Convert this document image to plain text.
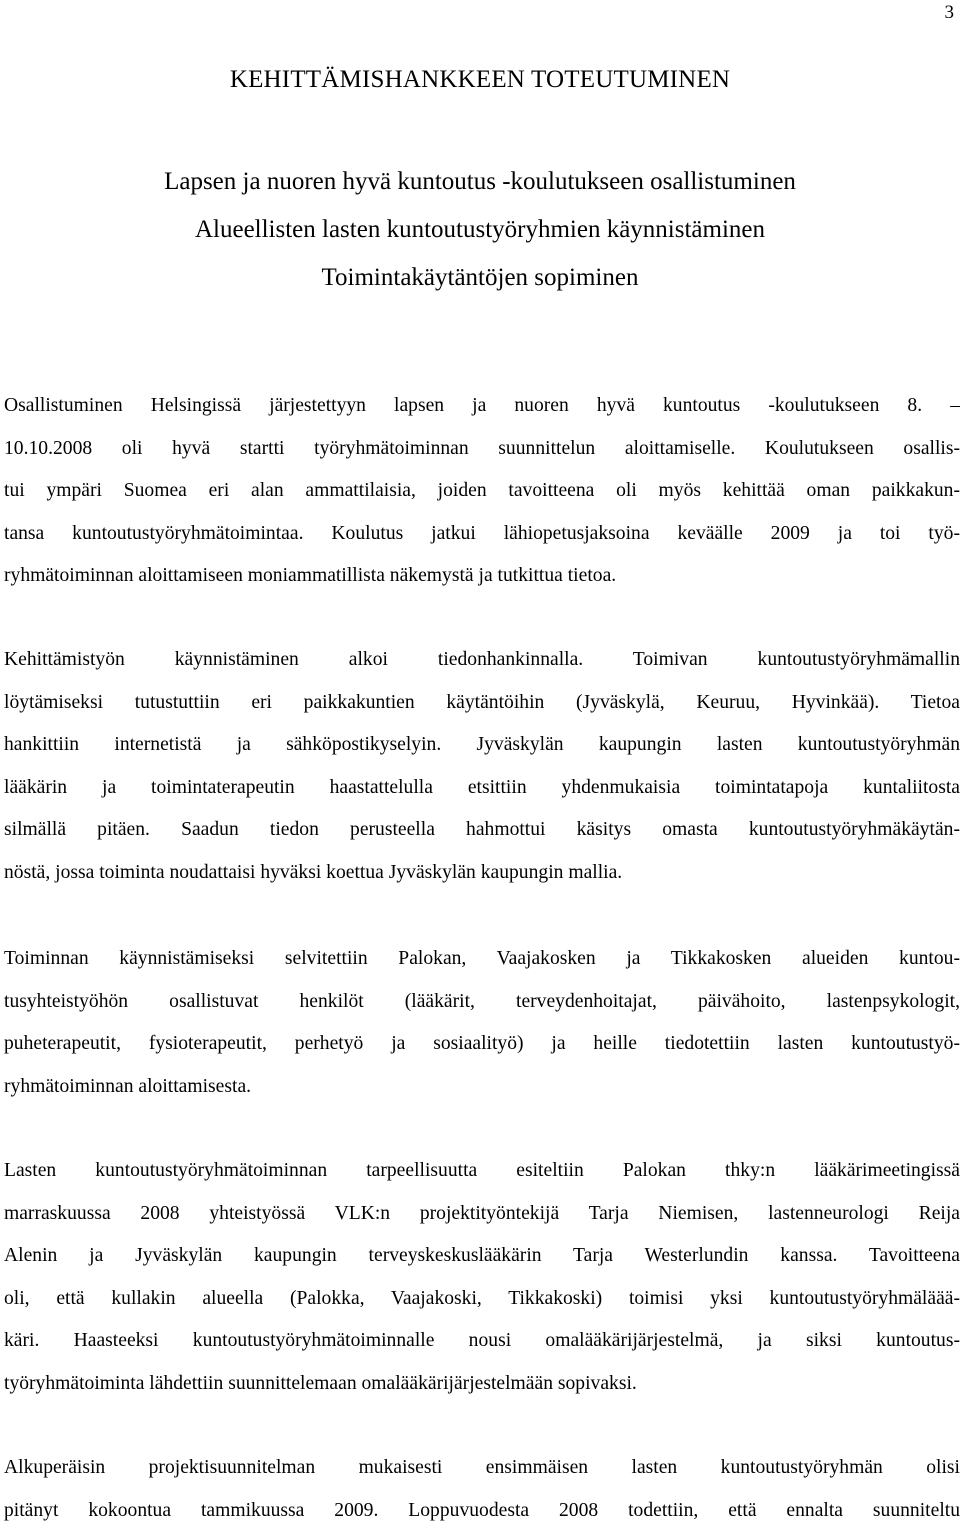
3
KEHITTÄMISHANKKEEN TOTEUTUMINEN
Lapsen ja nuoren hyvä kuntoutus -koulutukseen osallistuminen
Alueellisten lasten kuntoutustyöryhmien käynnistäminen
Toimintakäytäntöjen sopiminen
Osallistuminen Helsingissä järjestettyyn lapsen ja nuoren hyvä kuntoutus -koulutukseen 8. –
10.10.2008 oli hyvä startti työryhmätoiminnan suunnittelun aloittamiselle. Koulutukseen osallis-
tui ympäri Suomea eri alan ammattilaisia, joiden tavoitteena oli myös kehittää oman paikkakun-
tansa kuntoutustyöryhmätoimintaa. Koulutus jatkui lähiopetusjaksoina keväälle 2009 ja toi työ-
ryhmätoiminnan aloittamiseen moniammatillista näkemystä ja tutkittua tietoa.
Kehittämistyön käynnistäminen alkoi tiedonhankinnalla. Toimivan kuntoutustyöryhmämallin
löytämiseksi tutustuttiin eri paikkakuntien käytäntöihin (Jyväskylä, Keuruu, Hyvinkää). Tietoa
hankittiin internetistä ja sähköpostikyselyin. Jyväskylän kaupungin lasten kuntoutustyöryhmän
lääkärin ja toimintaterapeutin haastattelulla etsittiin yhdenmukaisia toimintatapoja kuntaliitosta
silmällä pitäen. Saadun tiedon perusteella hahmottui käsitys omasta kuntoutustyöryhmäkäytän-
nöstä, jossa toiminta noudattaisi hyväksi koettua Jyväskylän kaupungin mallia.
Toiminnan käynnistämiseksi selvitettiin Palokan, Vaajakosken ja Tikkakosken alueiden kuntou-
tusyhteistyöhön osallistuvat henkilöt (lääkärit, terveydenhoitajat, päivähoito, lastenpsykologit,
puheterapeutit, fysioterapeutit, perhetyö ja sosiaalityö) ja heille tiedotettiin lasten kuntoutustyö-
ryhmätoiminnan aloittamisesta.
Lasten kuntoutustyöryhmätoiminnan tarpeellisuutta esiteltiin Palokan thky:n lääkärimeetingissä
marraskuussa 2008 yhteistyössä VLK:n projektityöntekijä Tarja Niemisen, lastenneurologi Reija
Alenin ja Jyväskylän kaupungin terveyskeskuslääkärin Tarja Westerlundin kanssa. Tavoitteena
oli, että kullakin alueella (Palokka, Vaajakoski, Tikkakoski) toimisi yksi kuntoutustyöryhmäläää-
käri. Haasteeksi kuntoutustyöryhmätoiminnalle nousi omalääkärijärjestelmä, ja siksi kuntoutus-
työryhmätoiminta lähdettiin suunnittelemaan omalääkärijärjestelmään sopivaksi.
Alkuperäisin projektisuunnitelman mukaisesti ensimmäisen lasten kuntoutustyöryhmän olisi
pitänyt kokoontua tammikuussa 2009. Loppuvuodesta 2008 todettiin, että ennalta suunniteltu
